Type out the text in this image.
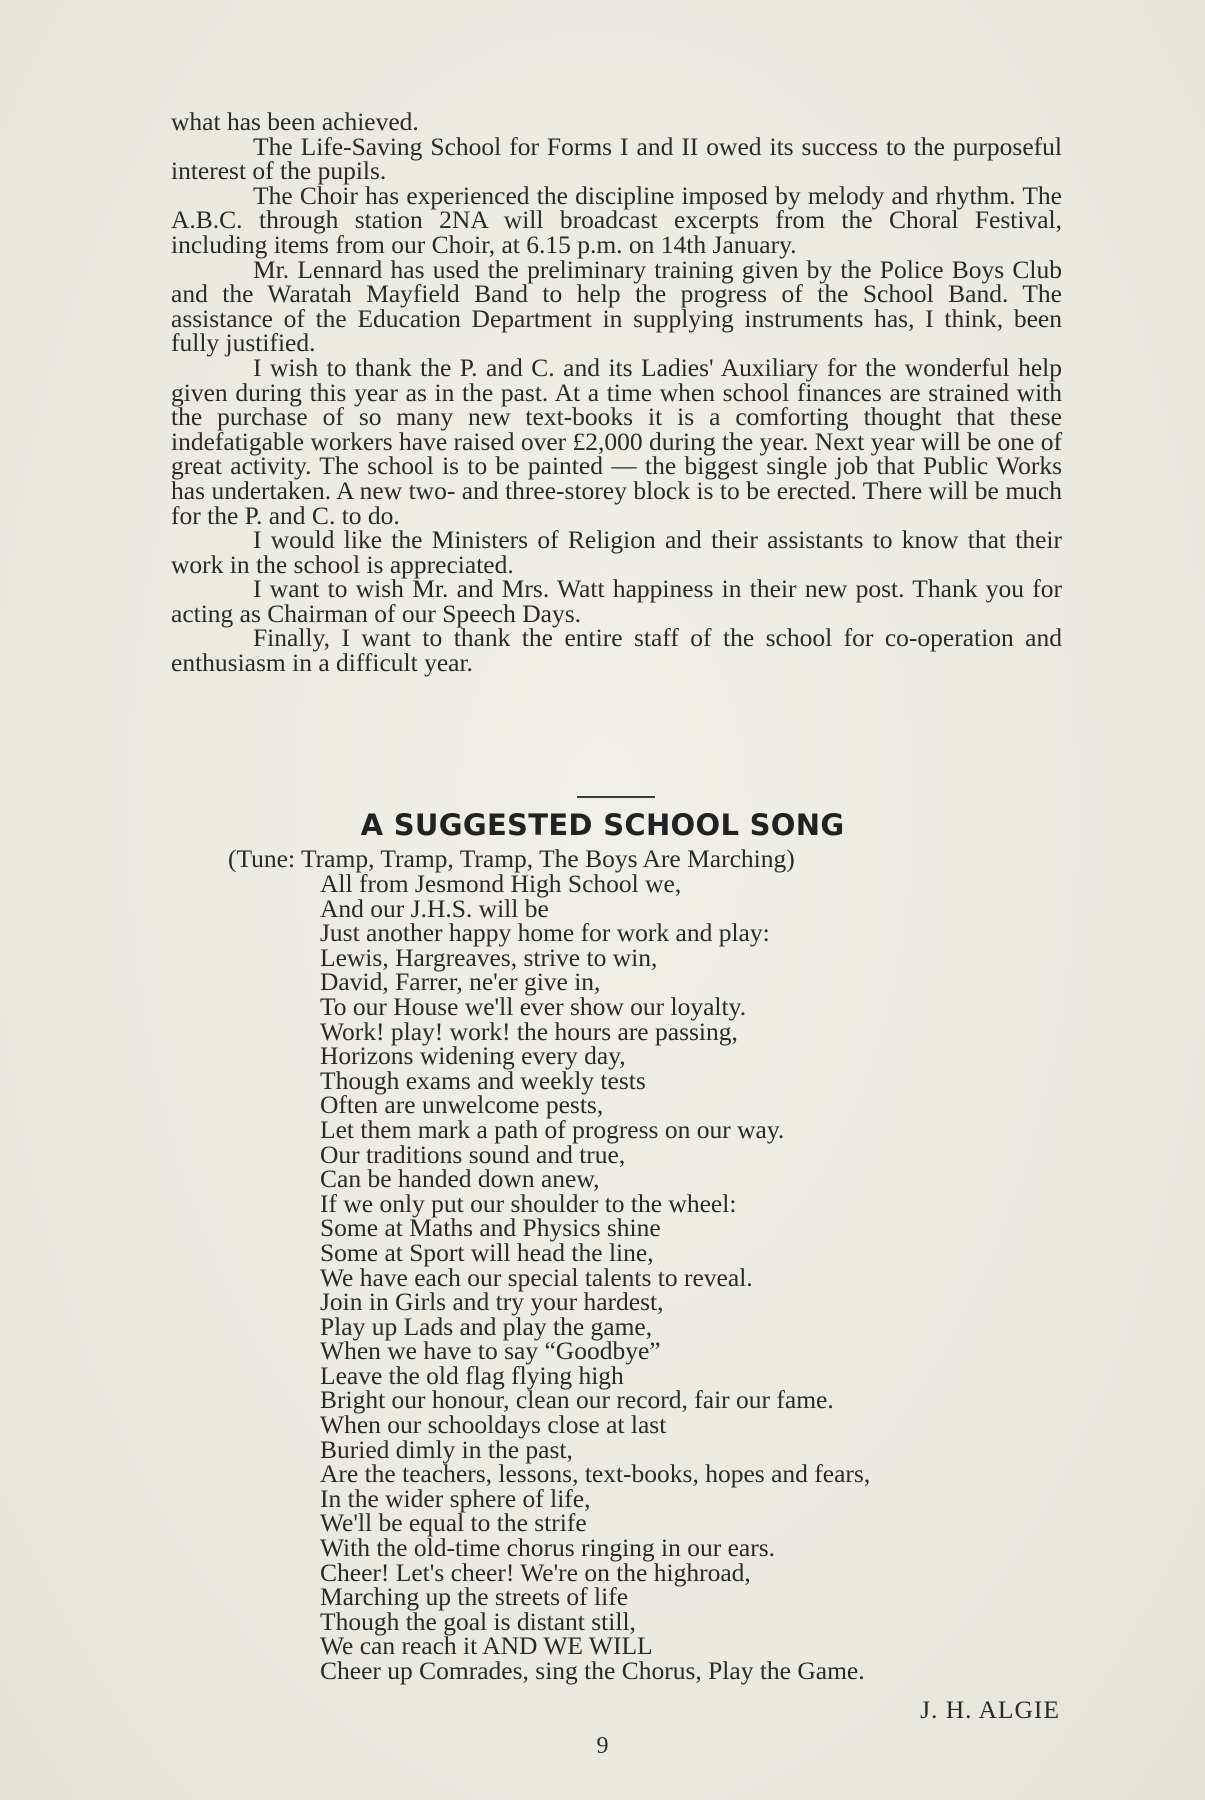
what has been achieved.

The Life-Saving School for Forms I and II owed its success to the purposeful interest of the pupils.

The Choir has experienced the discipline imposed by melody and rhythm. The A.B.C. through station 2NA will broadcast excerpts from the Choral Festival, including items from our Choir, at 6.15 p.m. on 14th January.

Mr. Lennard has used the preliminary training given by the Police Boys Club and the Waratah Mayfield Band to help the progress of the School Band. The assistance of the Education Department in supplying instruments has, I think, been fully justified.

I wish to thank the P. and C. and its Ladies' Auxiliary for the wonderful help given during this year as in the past. At a time when school finances are strained with the purchase of so many new text-books it is a comforting thought that these indefatigable workers have raised over £2,000 during the year. Next year will be one of great activity. The school is to be painted — the biggest single job that Public Works has undertaken. A new two- and three-storey block is to be erected. There will be much for the P. and C. to do.

I would like the Ministers of Religion and their assistants to know that their work in the school is appreciated.

I want to wish Mr. and Mrs. Watt happiness in their new post. Thank you for acting as Chairman of our Speech Days.

Finally, I want to thank the entire staff of the school for co-operation and enthusiasm in a difficult year.

A SUGGESTED SCHOOL SONG
(Tune: Tramp, Tramp, Tramp, The Boys Are Marching)
All from Jesmond High School we,
And our J.H.S. will be
Just another happy home for work and play:
Lewis, Hargreaves, strive to win,
David, Farrer, ne'er give in,
To our House we'll ever show our loyalty.
Work! play! work! the hours are passing,
Horizons widening every day,
Though exams and weekly tests
Often are unwelcome pests,
Let them mark a path of progress on our way.
Our traditions sound and true,
Can be handed down anew,
If we only put our shoulder to the wheel:
Some at Maths and Physics shine
Some at Sport will head the line,
We have each our special talents to reveal.
Join in Girls and try your hardest,
Play up Lads and play the game,
When we have to say “Goodbye”
Leave the old flag flying high
Bright our honour, clean our record, fair our fame.
When our schooldays close at last
Buried dimly in the past,
Are the teachers, lessons, text-books, hopes and fears,
In the wider sphere of life,
We'll be equal to the strife
With the old-time chorus ringing in our ears.
Cheer! Let's cheer! We're on the highroad,
Marching up the streets of life
Though the goal is distant still,
We can reach it AND WE WILL
Cheer up Comrades, sing the Chorus, Play the Game.
J. H. ALGIE
9
